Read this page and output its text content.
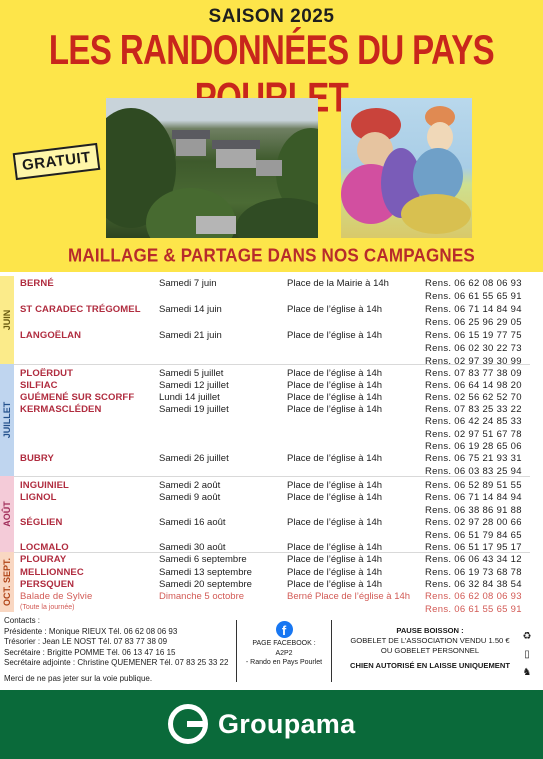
SAISON 2025
LES RANDONNÉES DU PAYS
GRATUIT
MAILLAGE & PARTAGE DANS NOS CAMPAGNES
JUIN
JUILLET
AOÛT
OCT. SEPT.
BERNÉ	Samedi 7 juin	Place de la Mairie à 14h	Rens. 06 62 08 06 93
Rens. 06 61 55 65 91
ST CARADEC TRÉGOMEL Samedi 14 juin	Place de l’église à 14h	Rens. 06 71 14 84 94
Rens. 06 25 96 29 05
LANGOËLAN	Samedi 21 juin	Place de l’église à 14h	Rens. 06 15 19 77 75
Rens. 06 02 30 22 73
Rens. 02 97 39 30 99
PLOËRDUT	Samedi 5 juillet	Place de l’église à 14h	Rens. 07 83 77 38 09
SILFIAC	Samedi 12 juillet	Place de l’église à 14h	Rens. 06 64 14 98 20
GUÉMENÉ SUR SCORFF	Lundi 14 juillet	Place de l’église à 14h	Rens. 02 56 62 52 70
KERMASCLÉDEN	Samedi 19 juillet	Place de l’église à 14h	Rens. 07 83 25 33 22
Rens. 06 42 24 85 33
Rens. 02 97 51 67 78
Rens. 06 19 28 65 06
BUBRY	Samedi 26 juillet	Place de l’église à 14h	Rens. 06 75 21 93 31
Rens. 06 03 83 25 94
INGUINIEL	Samedi 2 août	Place de l’église à 14h	Rens. 06 52 89 51 55
LIGNOL	Samedi 9 août	Place de l’église à 14h	Rens. 06 71 14 84 94
Rens. 06 38 86 91 88
SÉGLIEN	Samedi 16 août	Place de l’église à 14h	Rens. 02 97 28 00 66
Rens. 06 51 79 84 65
LOCMALO	Samedi 30 août	Place de l’église à 14h	Rens. 06 51 17 95 17
PLOURAY	Samedi 6 septembre	Place de l’église à 14h	Rens. 06 06 43 34 12
MELLIONNEC	Samedi 13 septembre	Place de l’église à 14h	Rens. 06 19 73 68 78
PERSQUEN	Samedi 20 septembre	Place de l’église à 14h	Rens. 06 32 84 38 54
Balade de Sylvie	Dimanche 5 octobre	Berné Place de l’église à 14h Rens. 06 62 08 06 93
(Toute la journée)	Rens. 06 61 55 65 91
Contacts :
Présidente : Monique RIEUX Tél. 06 62 08 06 93
Trésorier : Jean LE NOST Tél. 07 83 77 38 09
Secrétaire : Brigitte POMME Tél. 06 13 47 16 15
Secrétaire adjointe : Christine QUEMENER Tél. 07 83 25 33 22
f
PAGE FACEBOOK :
A2P2
- Rando en Pays Pourlet
PAUSE BOISSON :
GOBELET DE L’ASSOCIATION VENDU 1.50 €
OU GOBELET PERSONNEL
CHIEN AUTORISÉ EN LAISSE UNIQUEMENT
♻
▯
♞
Merci de ne pas jeter sur la voie publique.
Groupama
